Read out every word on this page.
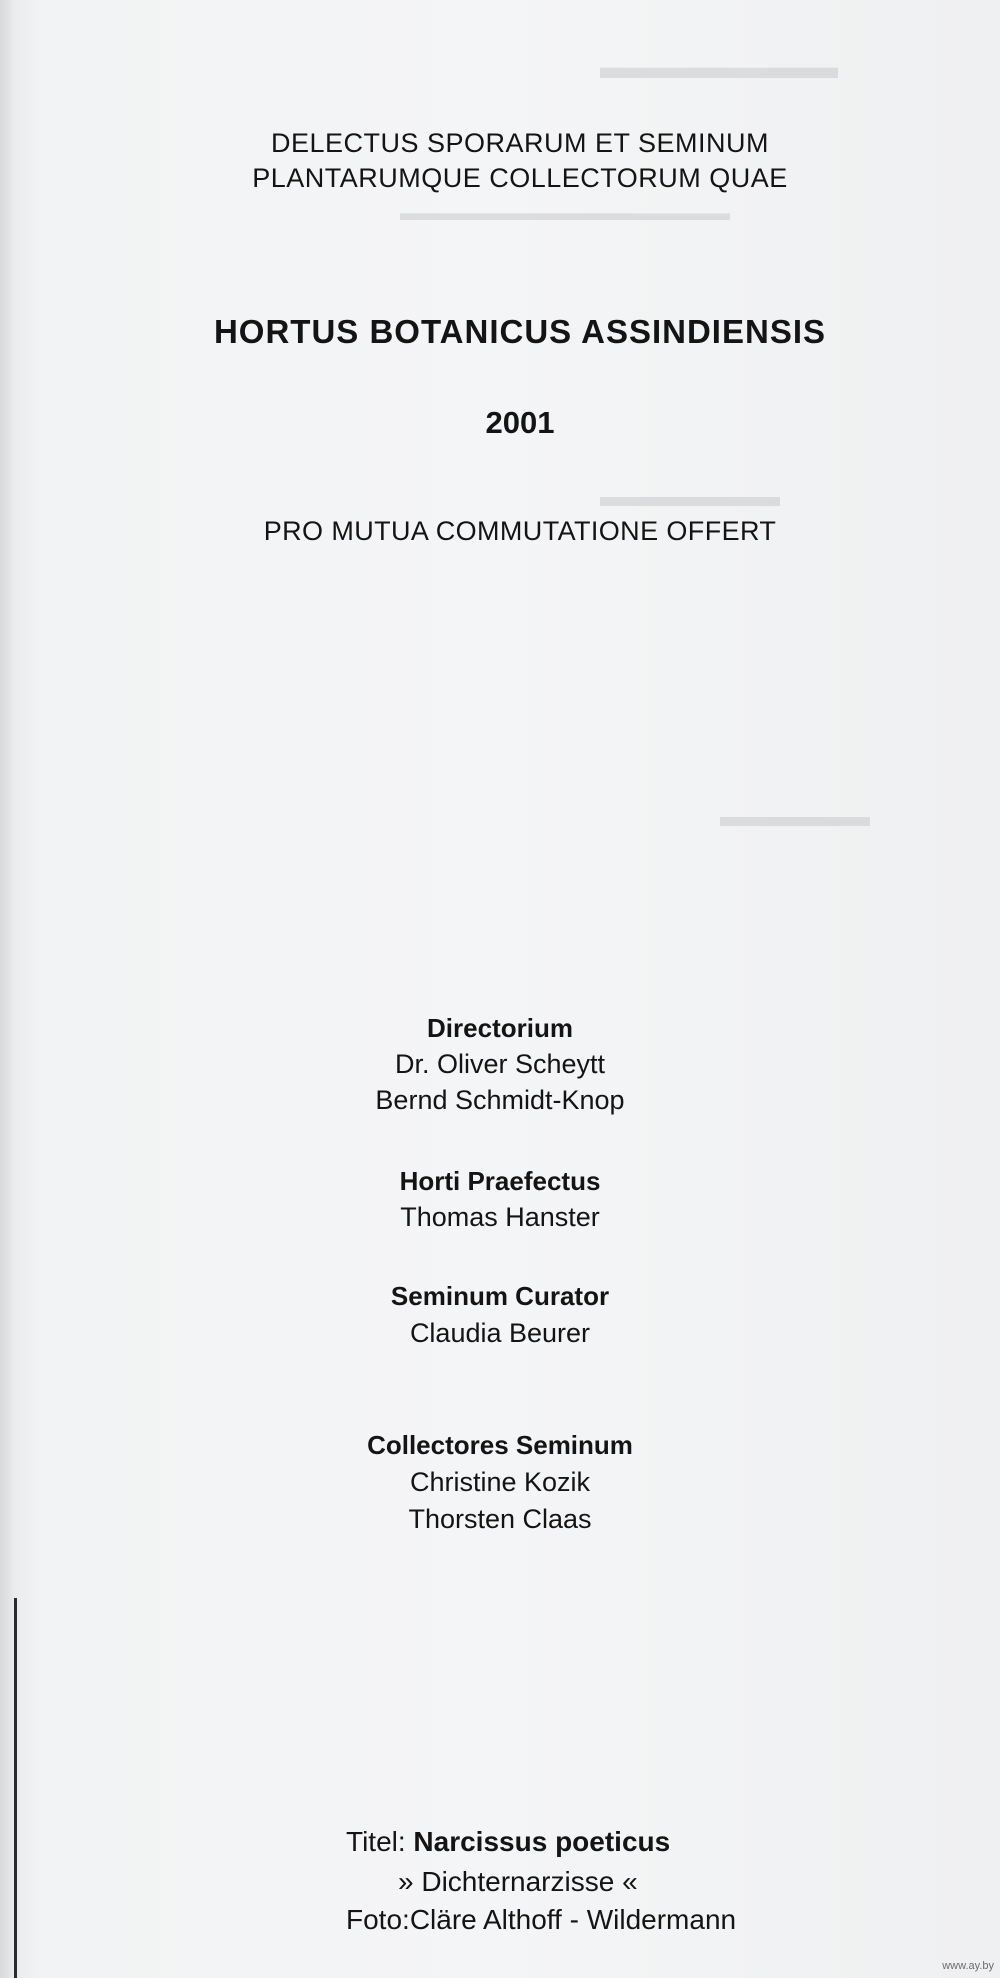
▬▬▬▬▬▬▬
▬▬▬▬▬▬▬▬▬▬▬▬▬▬▬
▬▬▬▬▬▬
▬▬▬▬▬
DELECTUS SPORARUM ET SEMINUM
PLANTARUMQUE COLLECTORUM QUAE
HORTUS BOTANICUS ASSINDIENSIS
2001
PRO MUTUA COMMUTATIONE OFFERT
Directorium
Dr. Oliver Scheytt
Bernd Schmidt-Knop
Horti Praefectus
Thomas Hanster
Seminum Curator
Claudia Beurer
Collectores Seminum
Christine Kozik
Thorsten Claas
Titel: Narcissus poeticus
» Dichternarzisse «
Foto:Cläre Althoff - Wildermann
www.ay.by
